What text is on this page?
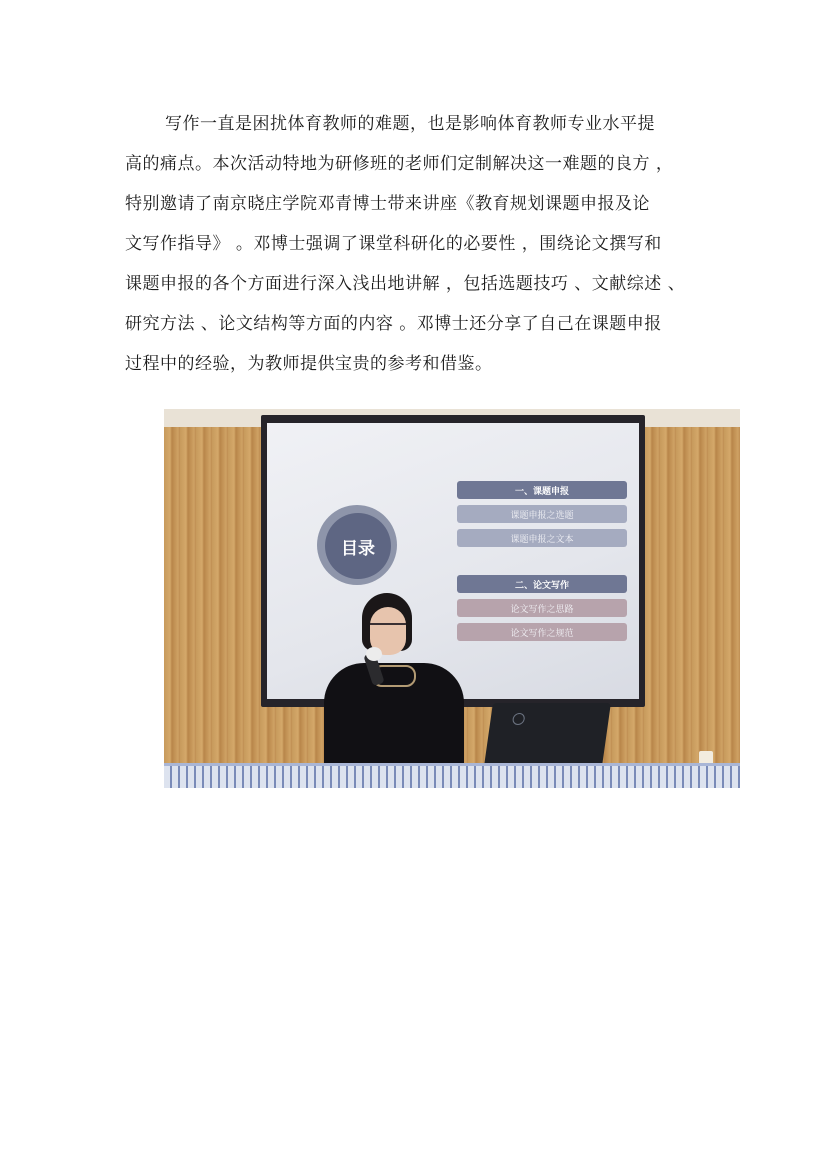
写作一直是困扰体育教师的难题，也是影响体育教师专业水平提
高的痛点。本次活动特地为研修班的老师们定制解决这一难题的良方 ，
特别邀请了南京晓庄学院邓青博士带来讲座《教育规划课题申报及论
文写作指导》 。邓博士强调了课堂科研化的必要性 ，围绕论文撰写和
课题申报的各个方面进行深入浅出地讲解 ，包括选题技巧 、文献综述 、
研究方法 、论文结构等方面的内容 。邓博士还分享了自己在课题申报
过程中的经验，为教师提供宝贵的参考和借鉴。
目录
一、课题申报
课题申报之选题
课题申报之文本
二、论文写作
论文写作之思路
论文写作之规范
